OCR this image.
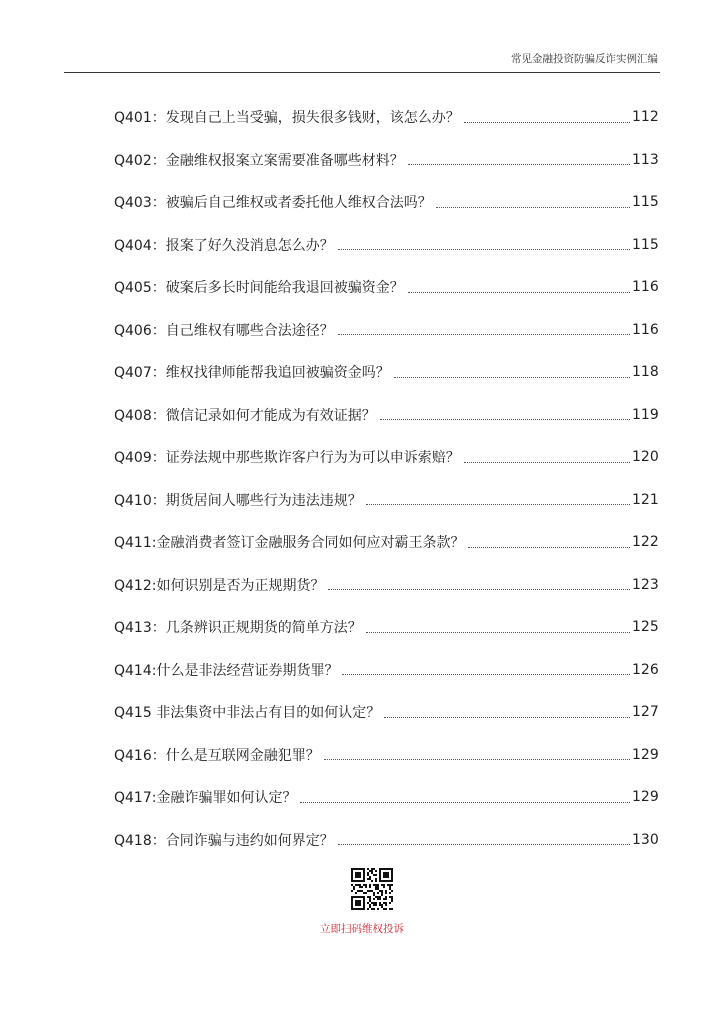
常见金融投资防骗反诈实例汇编
Q401：发现自己上当受骗，损失很多钱财，该怎么办？	112
Q402：金融维权报案立案需要准备哪些材料？	113
Q403：被骗后自己维权或者委托他人维权合法吗？	115
Q404：报案了好久没消息怎么办？	115
Q405：破案后多长时间能给我退回被骗资金？	116
Q406：自己维权有哪些合法途径？	116
Q407：维权找律师能帮我追回被骗资金吗？	118
Q408：微信记录如何才能成为有效证据？	119
Q409：证券法规中那些欺诈客户行为为可以申诉索赔？	120
Q410：期货居间人哪些行为违法违规？	121
Q411:金融消费者签订金融服务合同如何应对霸王条款？	122
Q412:如何识别是否为正规期货？	123
Q413：几条辨识正规期货的简单方法？	125
Q414:什么是非法经营证券期货罪？	126
Q415 非法集资中非法占有目的如何认定？	127
Q416：什么是互联网金融犯罪？	129
Q417:金融诈骗罪如何认定？	129
Q418：合同诈骗与违约如何界定？	130
立即扫码维权投诉
